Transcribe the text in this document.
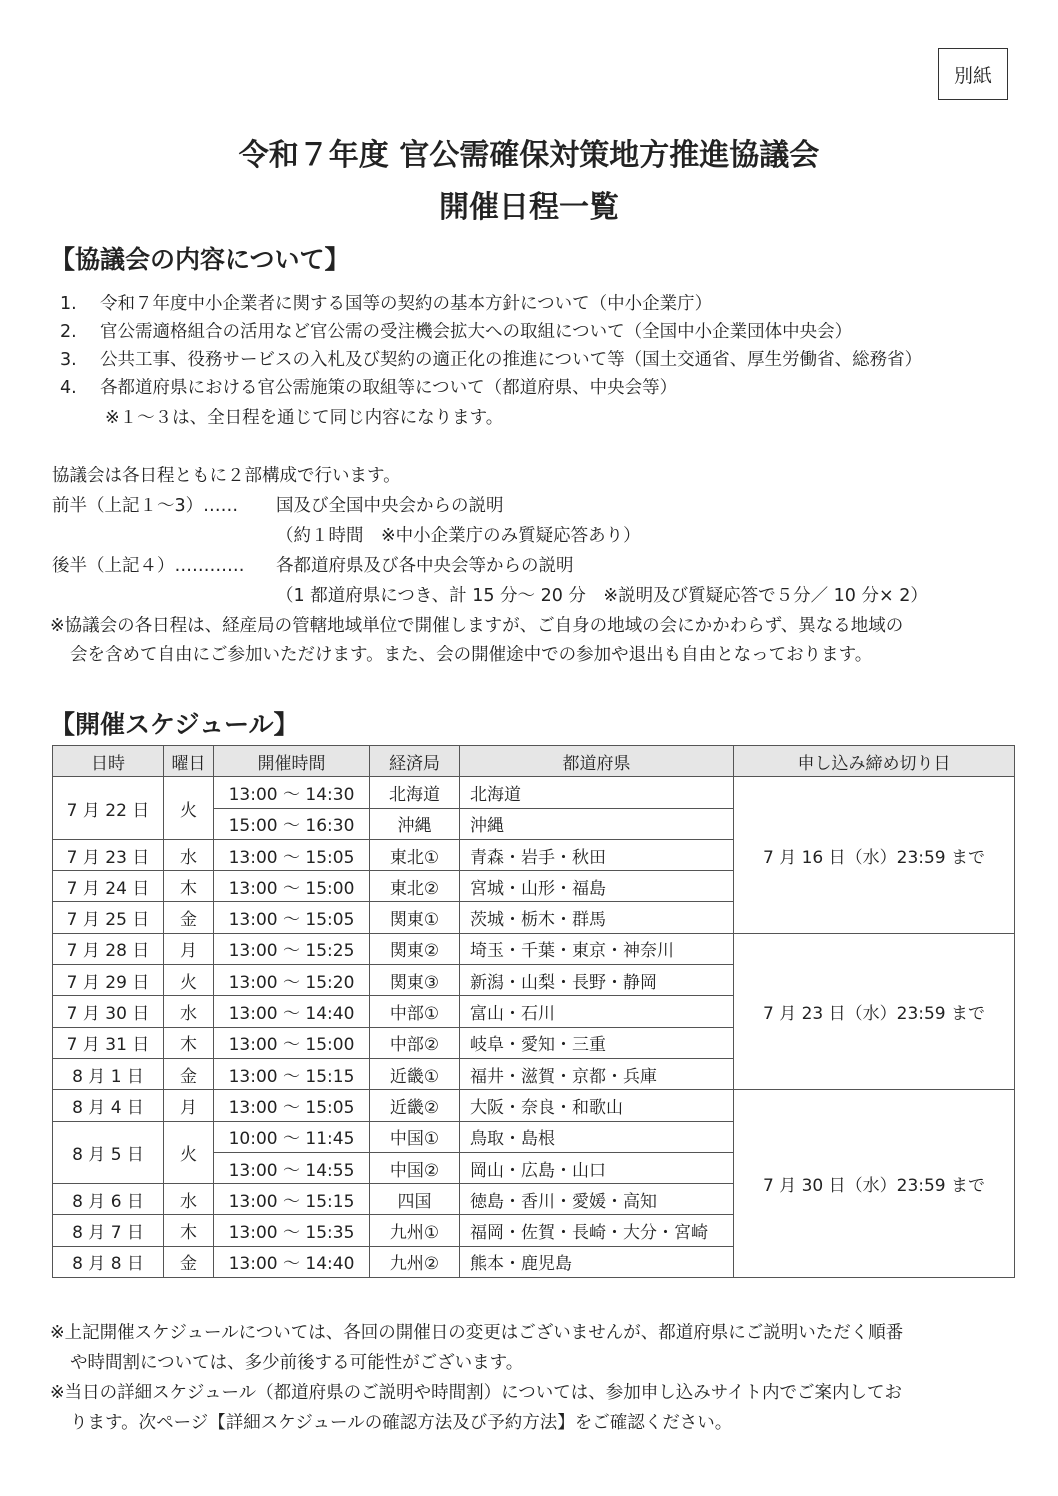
別紙
令和７年度 官公需確保対策地方推進協議会
開催日程一覧
【協議会の内容について】
1. 令和７年度中小企業者に関する国等の契約の基本方針について（中小企業庁）
2. 官公需適格組合の活用など官公需の受注機会拡大への取組について（全国中小企業団体中央会）
3. 公共工事、役務サービスの入札及び契約の適正化の推進について等（国土交通省、厚生労働省、総務省）
4. 各都道府県における官公需施策の取組等について（都道府県、中央会等）
※１～３は、全日程を通じて同じ内容になります。
協議会は各日程ともに２部構成で行います。
前半（上記１～3）…… 国及び全国中央会からの説明
（約１時間　※中小企業庁のみ質疑応答あり）
後半（上記４）………… 各都道府県及び各中央会等からの説明
（1 都道府県につき、計 15 分～ 20 分　※説明及び質疑応答で５分／ 10 分× 2）
※協議会の各日程は、経産局の管轄地域単位で開催しますが、ご自身の地域の会にかかわらず、異なる地域の
会を含めて自由にご参加いただけます。また、会の開催途中での参加や退出も自由となっております。
【開催スケジュール】
日時	曜日	開催時間	経済局	都道府県	申し込み締め切り日
7 月 22 日	火	13:00 ～ 14:30	北海道	北海道	7 月 16 日（水）23:59 まで
		15:00 ～ 16:30	沖縄	沖縄	
7 月 23 日	水	13:00 ～ 15:05	東北①	青森・岩手・秋田	
7 月 24 日	木	13:00 ～ 15:00	東北②	宮城・山形・福島	
7 月 25 日	金	13:00 ～ 15:05	関東①	茨城・栃木・群馬	
7 月 28 日	月	13:00 ～ 15:25	関東②	埼玉・千葉・東京・神奈川	7 月 23 日（水）23:59 まで
7 月 29 日	火	13:00 ～ 15:20	関東③	新潟・山梨・長野・静岡	
7 月 30 日	水	13:00 ～ 14:40	中部①	富山・石川	
7 月 31 日	木	13:00 ～ 15:00	中部②	岐阜・愛知・三重	
8 月 1 日	金	13:00 ～ 15:15	近畿①	福井・滋賀・京都・兵庫	
8 月 4 日	月	13:00 ～ 15:05	近畿②	大阪・奈良・和歌山	7 月 30 日（水）23:59 まで
8 月 5 日	火	10:00 ～ 11:45	中国①	鳥取・島根	
		13:00 ～ 14:55	中国②	岡山・広島・山口	
8 月 6 日	水	13:00 ～ 15:15	四国	徳島・香川・愛媛・高知	
8 月 7 日	木	13:00 ～ 15:35	九州①	福岡・佐賀・長崎・大分・宮崎	
8 月 8 日	金	13:00 ～ 14:40	九州②	熊本・鹿児島	
※上記開催スケジュールについては、各回の開催日の変更はございませんが、都道府県にご説明いただく順番
や時間割については、多少前後する可能性がございます。
※当日の詳細スケジュール（都道府県のご説明や時間割）については、参加申し込みサイト内でご案内してお
ります。次ページ【詳細スケジュールの確認方法及び予約方法】をご確認ください。
